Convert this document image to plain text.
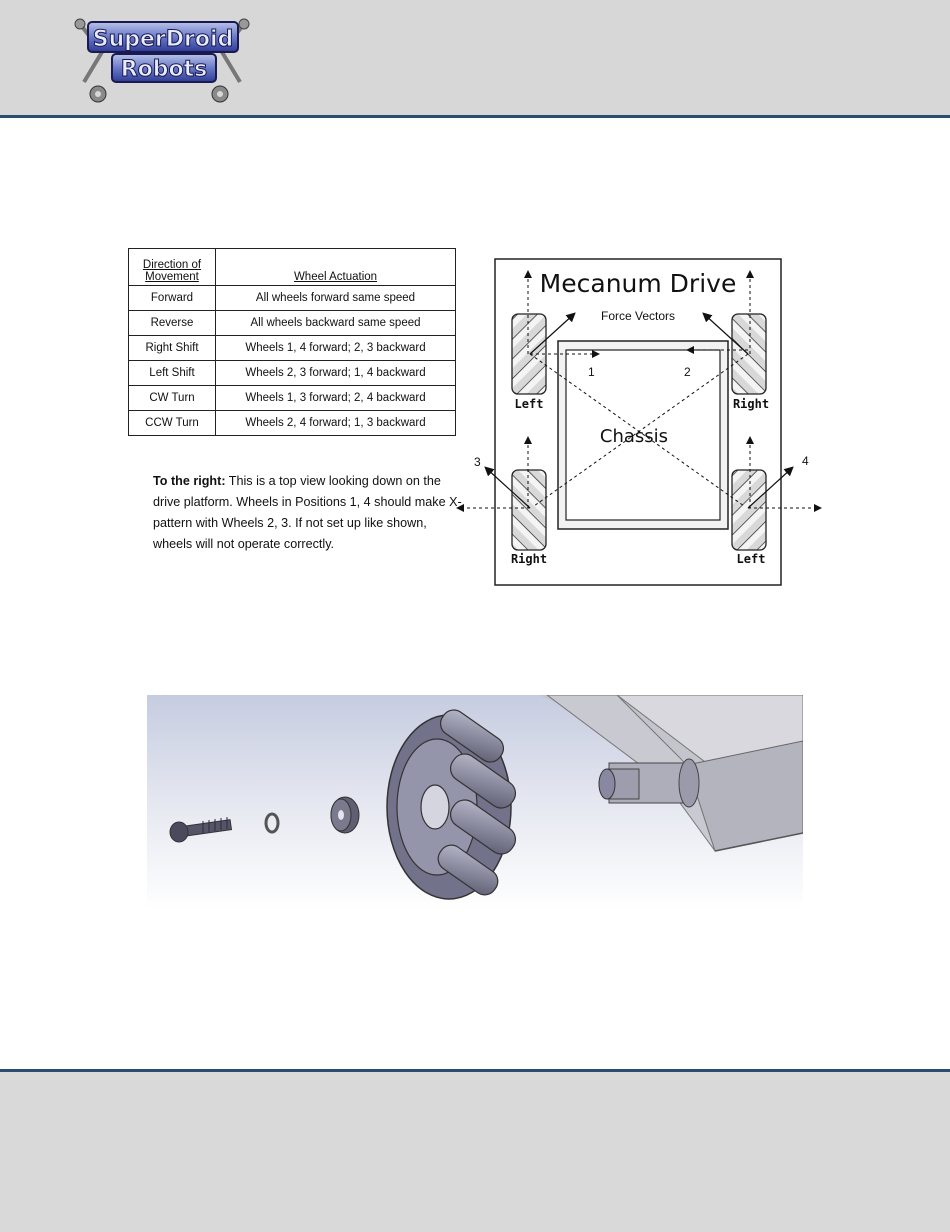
SuperDroid
Robots
Direction of Movement	Wheel Actuation
Forward	All wheels forward same speed
Reverse	All wheels backward same speed
Right Shift	Wheels 1, 4 forward; 2, 3 backward
Left Shift	Wheels 2, 3 forward; 1, 4 backward
CW Turn	Wheels 1, 3 forward; 2, 4 backward
CCW Turn	Wheels 2, 4 forward; 1, 3 backward
To the right: This is a top view looking down on the drive platform. Wheels in Positions 1, 4 should make X- pattern with Wheels 2, 3. If not set up like shown, wheels will not operate correctly.
Mecanum Drive
Force Vectors
Chassis
Left	Right
Right	Left
1	2
3	4
